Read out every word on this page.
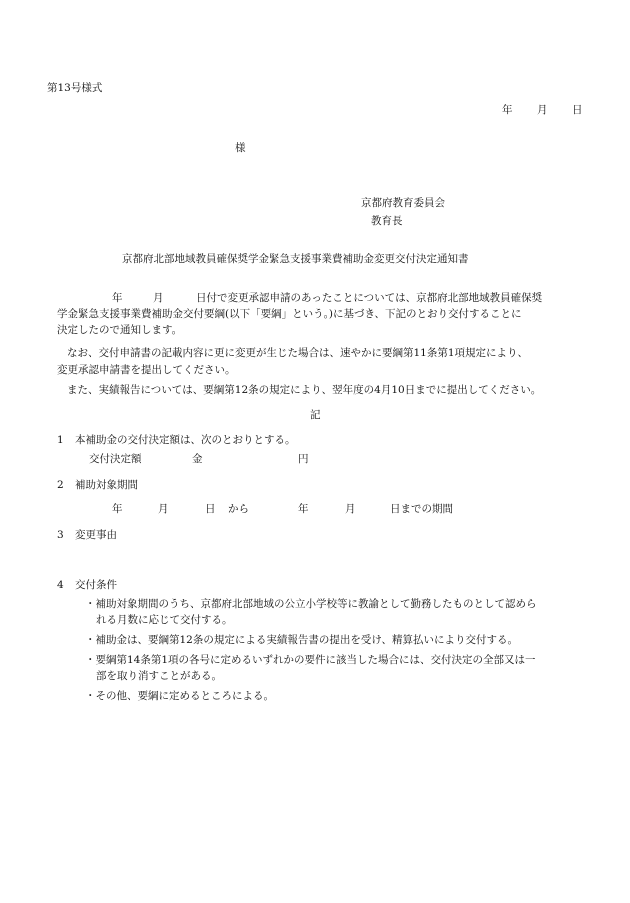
第13号様式
年 月 日
様
京都府教育委員会
教育長
京都府北部地域教員確保奨学金緊急支援事業費補助金変更交付決定通知書
年	月	日付で変更承認申請のあったことについては、京都府北部地域教員確保奨
学金緊急支援事業費補助金交付要綱(以下「要綱」という。)に基づき、下記のとおり交付することに
決定したので通知します。
なお、交付申請書の記載内容に更に変更が生じた場合は、速やかに要綱第11条第1項規定により、
変更承認申請書を提出してください。
また、実績報告については、要綱第12条の規定により、翌年度の4月10日までに提出してください。
記
1 本補助金の交付決定額は、次のとおりとする。
交付決定額	金	円
2 補助対象期間
年	月	日 から	年	月	日までの期間
3 変更事由
4 交付条件
・補助対象期間のうち、京都府北部地域の公立小学校等に教諭として勤務したものとして認めら
れる月数に応じて交付する。
・補助金は、要綱第12条の規定による実績報告書の提出を受け、精算払いにより交付する。
・要綱第14条第1項の各号に定めるいずれかの要件に該当した場合には、交付決定の全部又は一
部を取り消すことがある。
・その他、要綱に定めるところによる。
